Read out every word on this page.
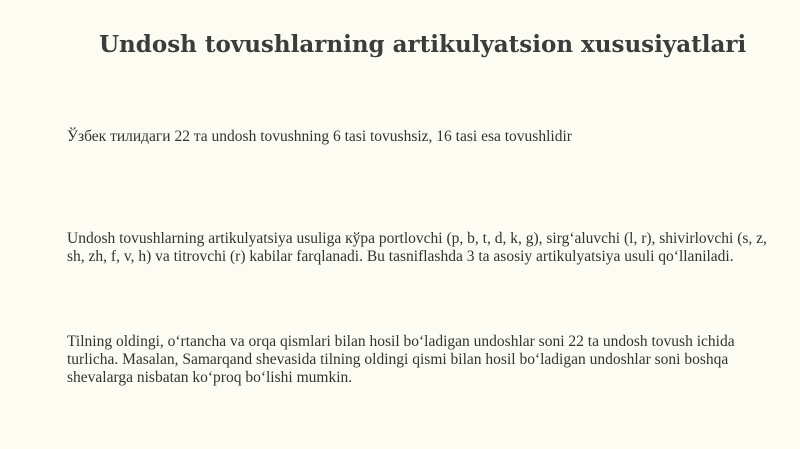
Undosh tovushlarning artikulyatsion xususiyatlari

Ўзбек тилидаги 22 та undosh tovushning 6 tasi tovushsiz, 16 tasi esa tovushlidir

Undosh tovushlarning artikulyatsiya usuliga кўра portlovchi (p, b, t, d, k, g), sirg‘aluvchi (l, r), shivirlovchi (s, z, sh, zh, f, v, h) va titrovchi (r) kabilar farqlanadi. Bu tasniflashda 3 ta asosiy artikulyatsiya usuli qo‘llaniladi.

Tilning oldingi, o‘rtancha va orqa qismlari bilan hosil bo‘ladigan undoshlar soni 22 ta undosh tovush ichida turlicha. Masalan, Samarqand shevasida tilning oldingi qismi bilan hosil bo‘ladigan undoshlar soni boshqa shevalarga nisbatan ko‘proq bo‘lishi mumkin.
